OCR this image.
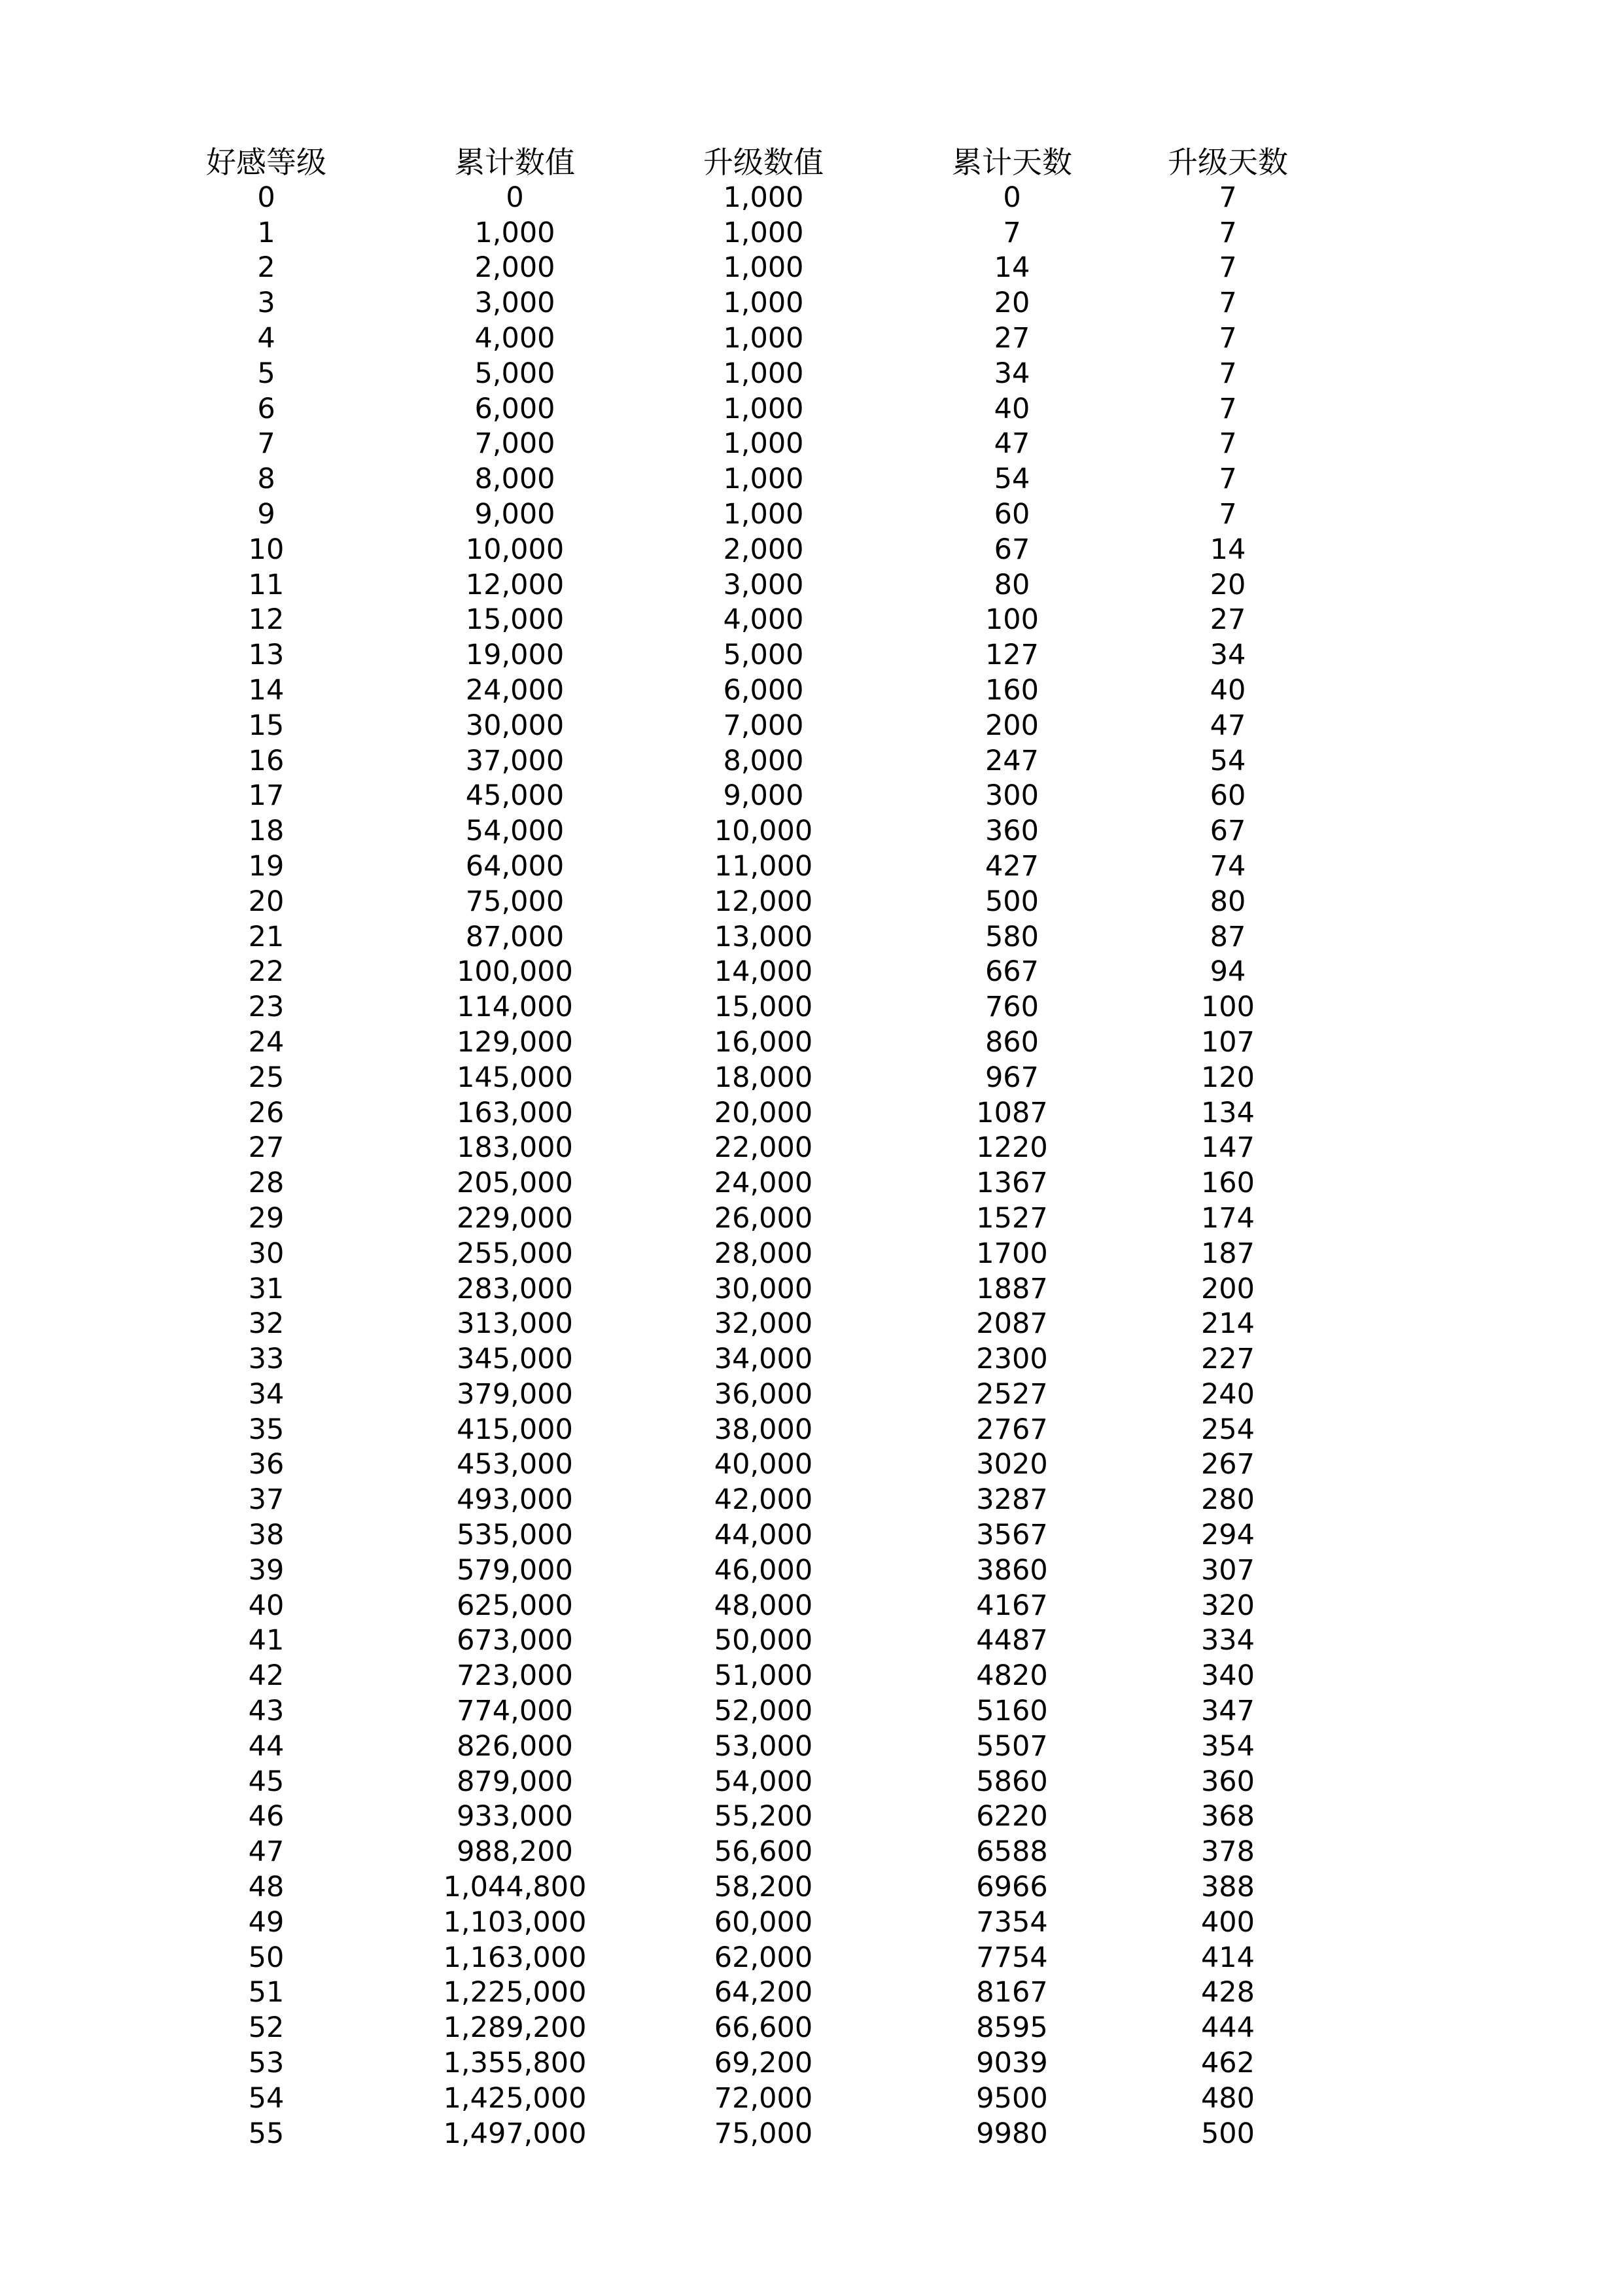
好感等级	累计数值	升级数值	累计天数	升级天数
0	0	1,000	0	7
1	1,000	1,000	7	7
2	2,000	1,000	14	7
3	3,000	1,000	20	7
4	4,000	1,000	27	7
5	5,000	1,000	34	7
6	6,000	1,000	40	7
7	7,000	1,000	47	7
8	8,000	1,000	54	7
9	9,000	1,000	60	7
10	10,000	2,000	67	14
11	12,000	3,000	80	20
12	15,000	4,000	100	27
13	19,000	5,000	127	34
14	24,000	6,000	160	40
15	30,000	7,000	200	47
16	37,000	8,000	247	54
17	45,000	9,000	300	60
18	54,000	10,000	360	67
19	64,000	11,000	427	74
20	75,000	12,000	500	80
21	87,000	13,000	580	87
22	100,000	14,000	667	94
23	114,000	15,000	760	100
24	129,000	16,000	860	107
25	145,000	18,000	967	120
26	163,000	20,000	1087	134
27	183,000	22,000	1220	147
28	205,000	24,000	1367	160
29	229,000	26,000	1527	174
30	255,000	28,000	1700	187
31	283,000	30,000	1887	200
32	313,000	32,000	2087	214
33	345,000	34,000	2300	227
34	379,000	36,000	2527	240
35	415,000	38,000	2767	254
36	453,000	40,000	3020	267
37	493,000	42,000	3287	280
38	535,000	44,000	3567	294
39	579,000	46,000	3860	307
40	625,000	48,000	4167	320
41	673,000	50,000	4487	334
42	723,000	51,000	4820	340
43	774,000	52,000	5160	347
44	826,000	53,000	5507	354
45	879,000	54,000	5860	360
46	933,000	55,200	6220	368
47	988,200	56,600	6588	378
48	1,044,800	58,200	6966	388
49	1,103,000	60,000	7354	400
50	1,163,000	62,000	7754	414
51	1,225,000	64,200	8167	428
52	1,289,200	66,600	8595	444
53	1,355,800	69,200	9039	462
54	1,425,000	72,000	9500	480
55	1,497,000	75,000	9980	500
